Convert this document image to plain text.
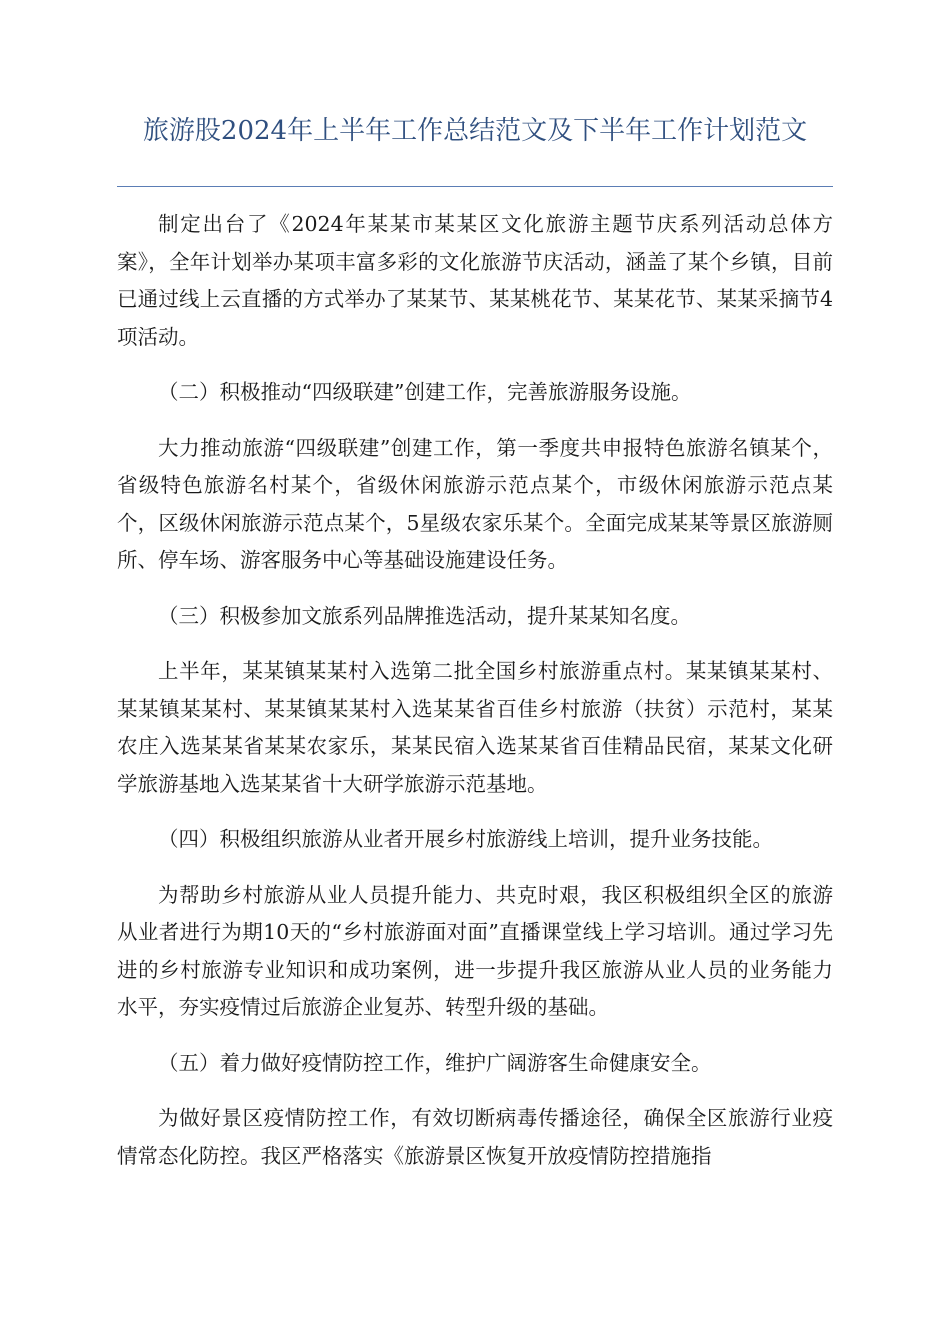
旅游股2024年上半年工作总结范文及下半年工作计划范文

制定出台了《2024年某某市某某区文化旅游主题节庆系列活动总体方案》，全年计划举办某项丰富多彩的文化旅游节庆活动，涵盖了某个乡镇，目前已通过线上云直播的方式举办了某某节、某某桃花节、某某花节、某某采摘节4项活动。

（二）积极推动“四级联建”创建工作，完善旅游服务设施。

大力推动旅游“四级联建”创建工作，第一季度共申报特色旅游名镇某个，省级特色旅游名村某个，省级休闲旅游示范点某个，市级休闲旅游示范点某个，区级休闲旅游示范点某个，5星级农家乐某个。全面完成某某等景区旅游厕所、停车场、游客服务中心等基础设施建设任务。

（三）积极参加文旅系列品牌推选活动，提升某某知名度。

上半年，某某镇某某村入选第二批全国乡村旅游重点村。某某镇某某村、某某镇某某村、某某镇某某村入选某某省百佳乡村旅游（扶贫）示范村，某某农庄入选某某省某某农家乐，某某民宿入选某某省百佳精品民宿，某某文化研学旅游基地入选某某省十大研学旅游示范基地。

（四）积极组织旅游从业者开展乡村旅游线上培训，提升业务技能。

为帮助乡村旅游从业人员提升能力、共克时艰，我区积极组织全区的旅游从业者进行为期10天的“乡村旅游面对面”直播课堂线上学习培训。通过学习先进的乡村旅游专业知识和成功案例，进一步提升我区旅游从业人员的业务能力水平，夯实疫情过后旅游企业复苏、转型升级的基础。

（五）着力做好疫情防控工作，维护广阔游客生命健康安全。

为做好景区疫情防控工作，有效切断病毒传播途径，确保全区旅游行业疫情常态化防控。我区严格落实《旅游景区恢复开放疫情防控措施指
